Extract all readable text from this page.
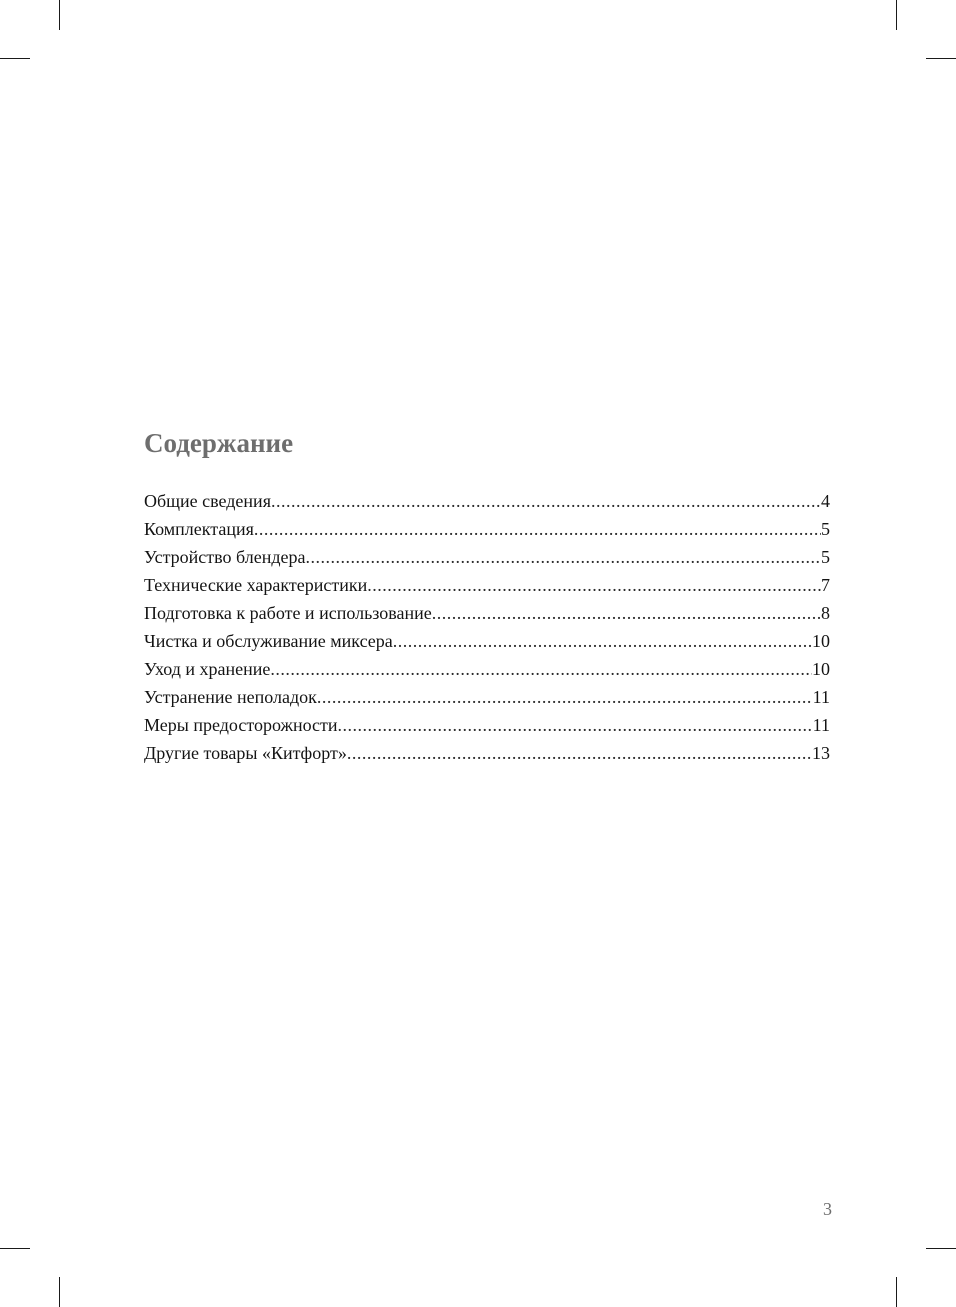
Содержание
Общие сведения .....	4
Комплектация .....	5
Устройство блендера .....	5
Технические характеристики .....	7
Подготовка к работе и использование .....	8
Чистка и обслуживание миксера .....	10
Уход и хранение .....	10
Устранение неполадок .....	11
Меры предосторожности .....	11
Другие товары «Китфорт» .....	13
3
